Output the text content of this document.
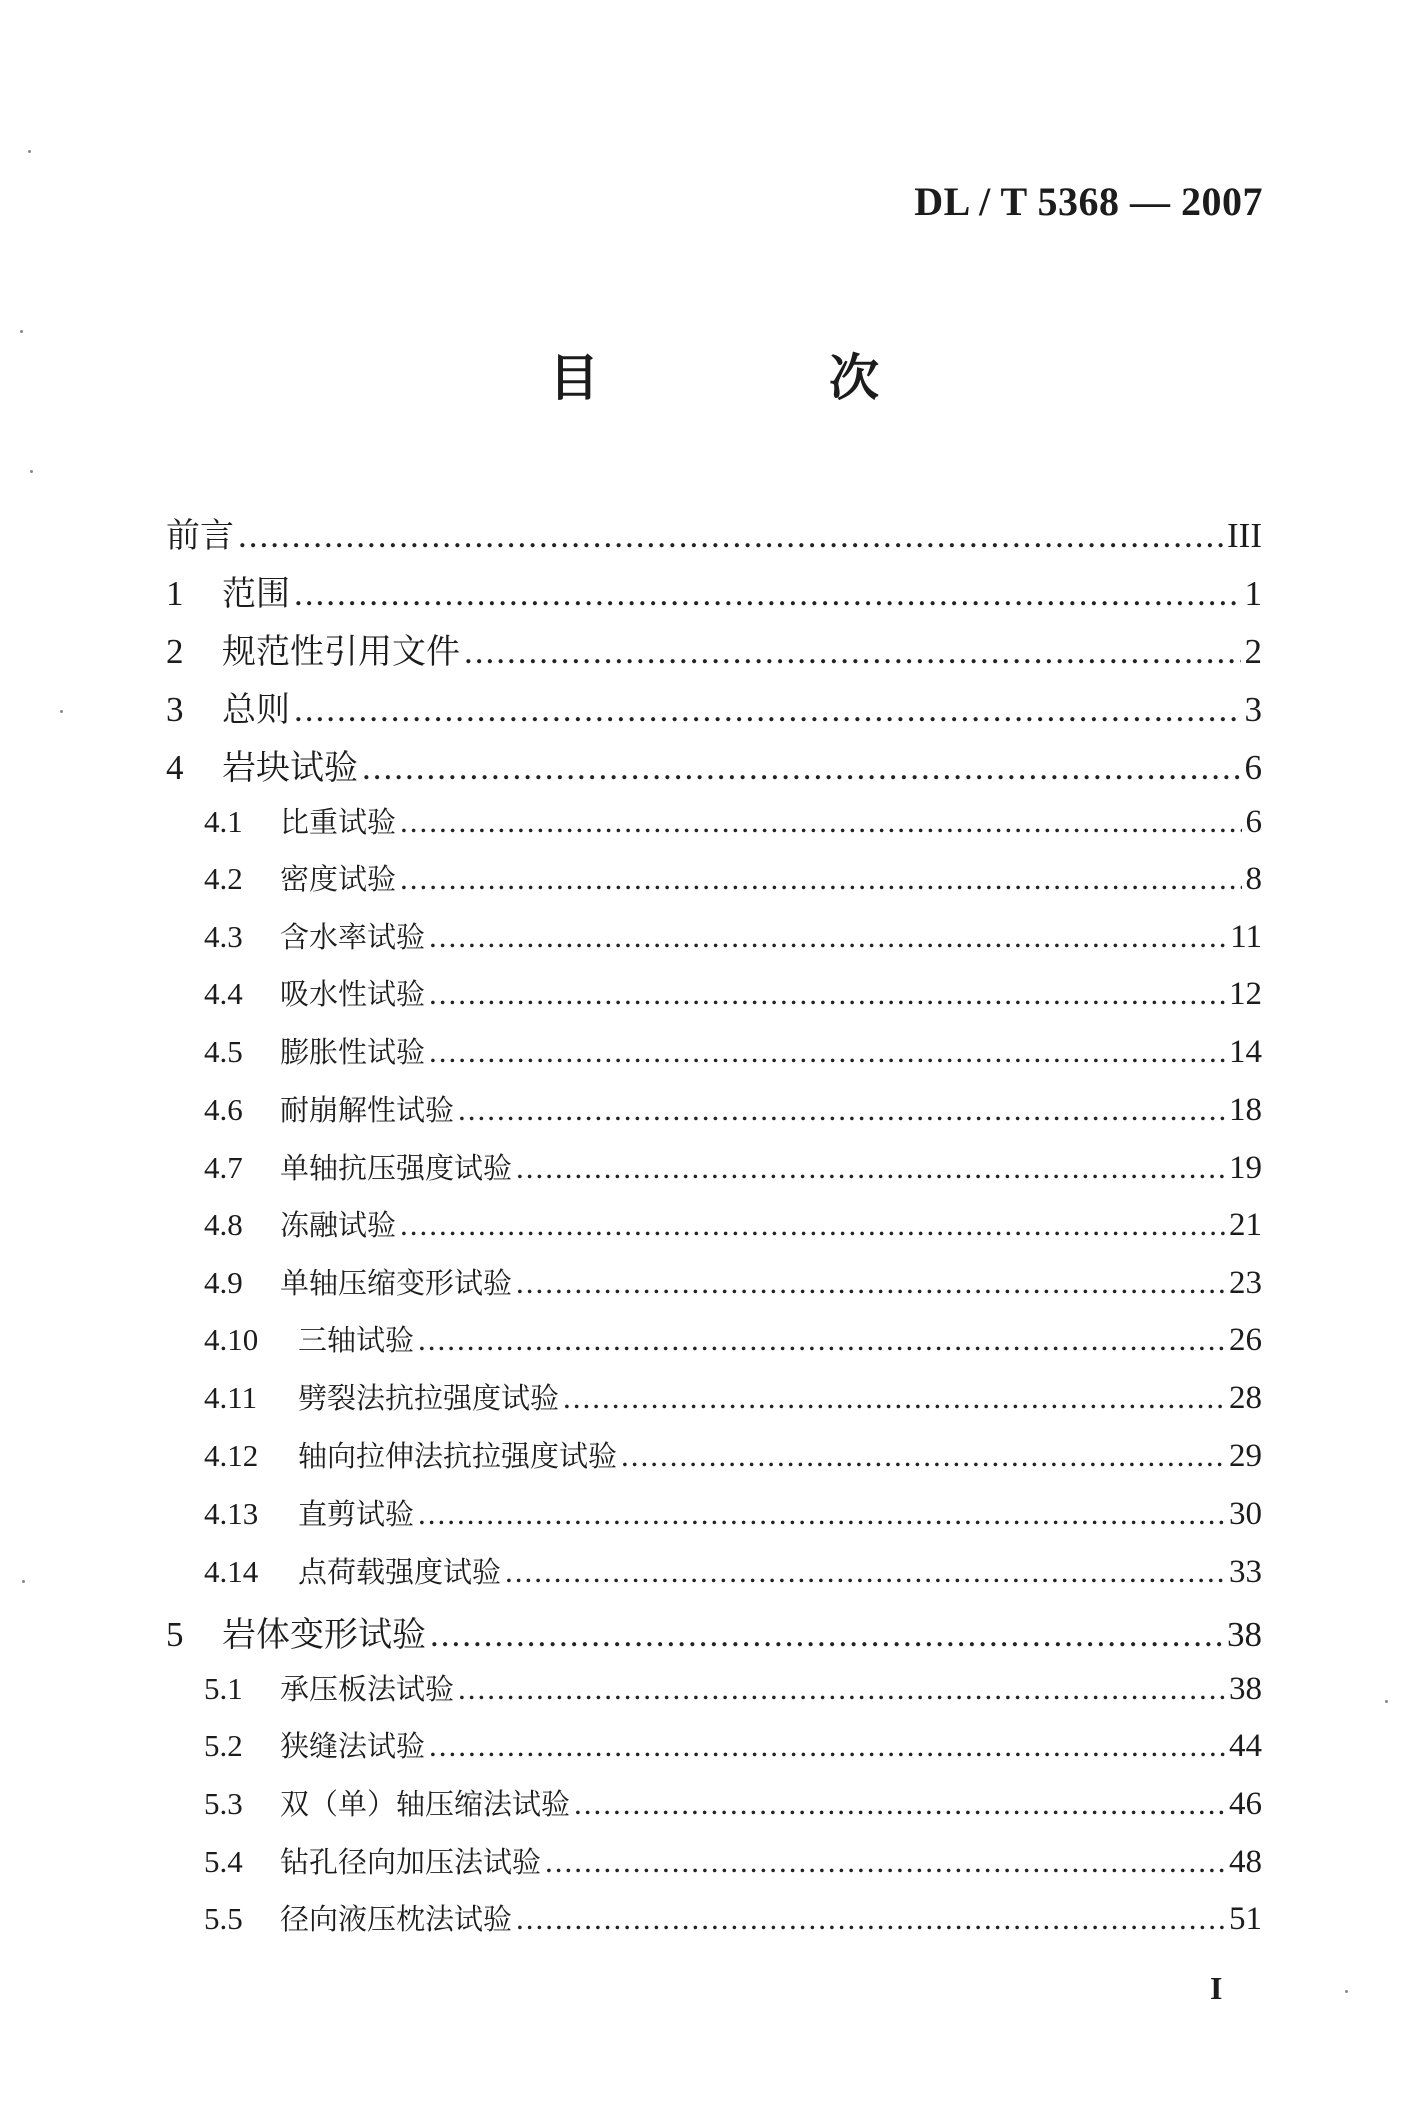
DL / T 5368 — 2007
目　次
前言 .....	III
1	范围 .....	1
2	规范性引用文件 .....	2
3	总则 .....	3
4	岩块试验 .....	6
4.1	比重试验 .....	6
4.2	密度试验 .....	8
4.3	含水率试验 .....	11
4.4	吸水性试验 .....	12
4.5	膨胀性试验 .....	14
4.6	耐崩解性试验 .....	18
4.7	单轴抗压强度试验 .....	19
4.8	冻融试验 .....	21
4.9	单轴压缩变形试验 .....	23
4.10	三轴试验 .....	26
4.11	劈裂法抗拉强度试验 .....	28
4.12	轴向拉伸法抗拉强度试验 .....	29
4.13	直剪试验 .....	30
4.14	点荷载强度试验 .....	33
5	岩体变形试验 .....	38
5.1	承压板法试验 .....	38
5.2	狭缝法试验 .....	44
5.3	双（单）轴压缩法试验 .....	46
5.4	钻孔径向加压法试验 .....	48
5.5	径向液压枕法试验 .....	51
I
